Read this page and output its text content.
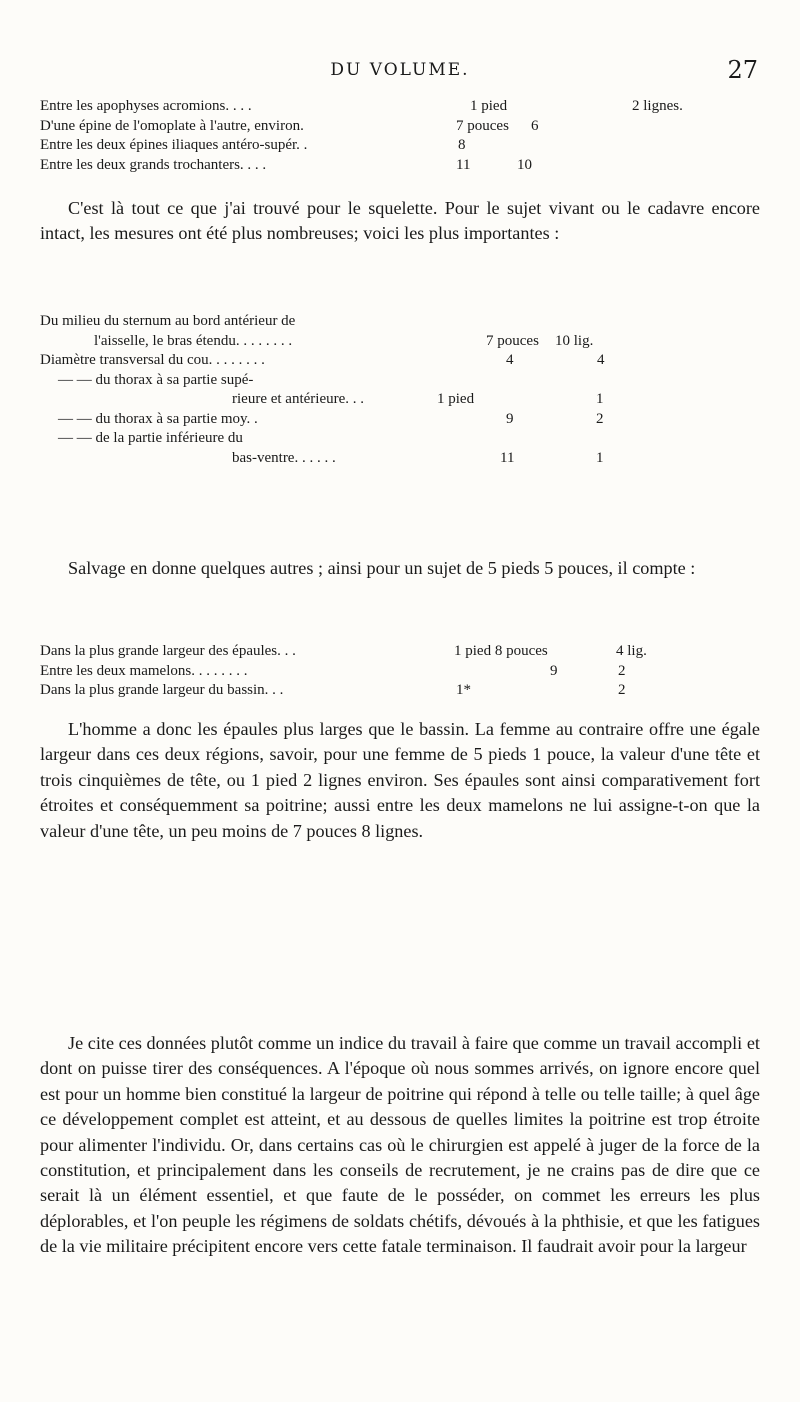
DU VOLUME.	27
Entre les apophyses acromions. . . .	1 pied	2 lignes.
D'une épine de l'omoplate à l'autre, environ.	7 pouces 6
Entre les deux épines iliaques antéro-supér. .	8
Entre les deux grands trochanters. . . .	11	10

C'est là tout ce que j'ai trouvé pour le squelette. Pour le sujet vivant ou le cadavre encore intact, les mesures ont été plus nombreuses; voici les plus importantes :

Du milieu du sternum au bord antérieur de
l'aisselle, le bras étendu. . . . . . . .	7 pouces 10 lig.
Diamètre transversal du cou. . . . . . . .	4	4
— — du thorax à sa partie supé-
rieure et antérieure. . .	1 pied	1
— — du thorax à sa partie moy. .	9	2
— — de la partie inférieure du
bas-ventre. . . . . .	11	1

Salvage en donne quelques autres ; ainsi pour un sujet de 5 pieds 5 pouces, il compte :

Dans la plus grande largeur des épaules. . .	1 pied 8 pouces	4 lig.
Entre les deux mamelons. . . . . . . .	9	2
Dans la plus grande largeur du bassin. . .	1*	2

L'homme a donc les épaules plus larges que le bassin. La femme au contraire offre une égale largeur dans ces deux régions, savoir, pour une femme de 5 pieds 1 pouce, la valeur d'une tête et trois cinquièmes de tête, ou 1 pied 2 lignes environ. Ses épaules sont ainsi comparativement fort étroites et conséquemment sa poitrine; aussi entre les deux mamelons ne lui assigne-t-on que la valeur d'une tête, un peu moins de 7 pouces 8 lignes.

Je cite ces données plutôt comme un indice du travail à faire que comme un travail accompli et dont on puisse tirer des conséquences. A l'époque où nous sommes arrivés, on ignore encore quel est pour un homme bien constitué la largeur de poitrine qui répond à telle ou telle taille; à quel âge ce développement complet est atteint, et au dessous de quelles limites la poitrine est trop étroite pour alimenter l'individu. Or, dans certains cas où le chirurgien est appelé à juger de la force de la constitution, et principalement dans les conseils de recrutement, je ne crains pas de dire que ce serait là un élément essentiel, et que faute de le posséder, on commet les erreurs les plus déplorables, et l'on peuple les régimens de soldats chétifs, dévoués à la phthisie, et que les fatigues de la vie militaire précipitent encore vers cette fatale terminaison. Il faudrait avoir pour la largeur
